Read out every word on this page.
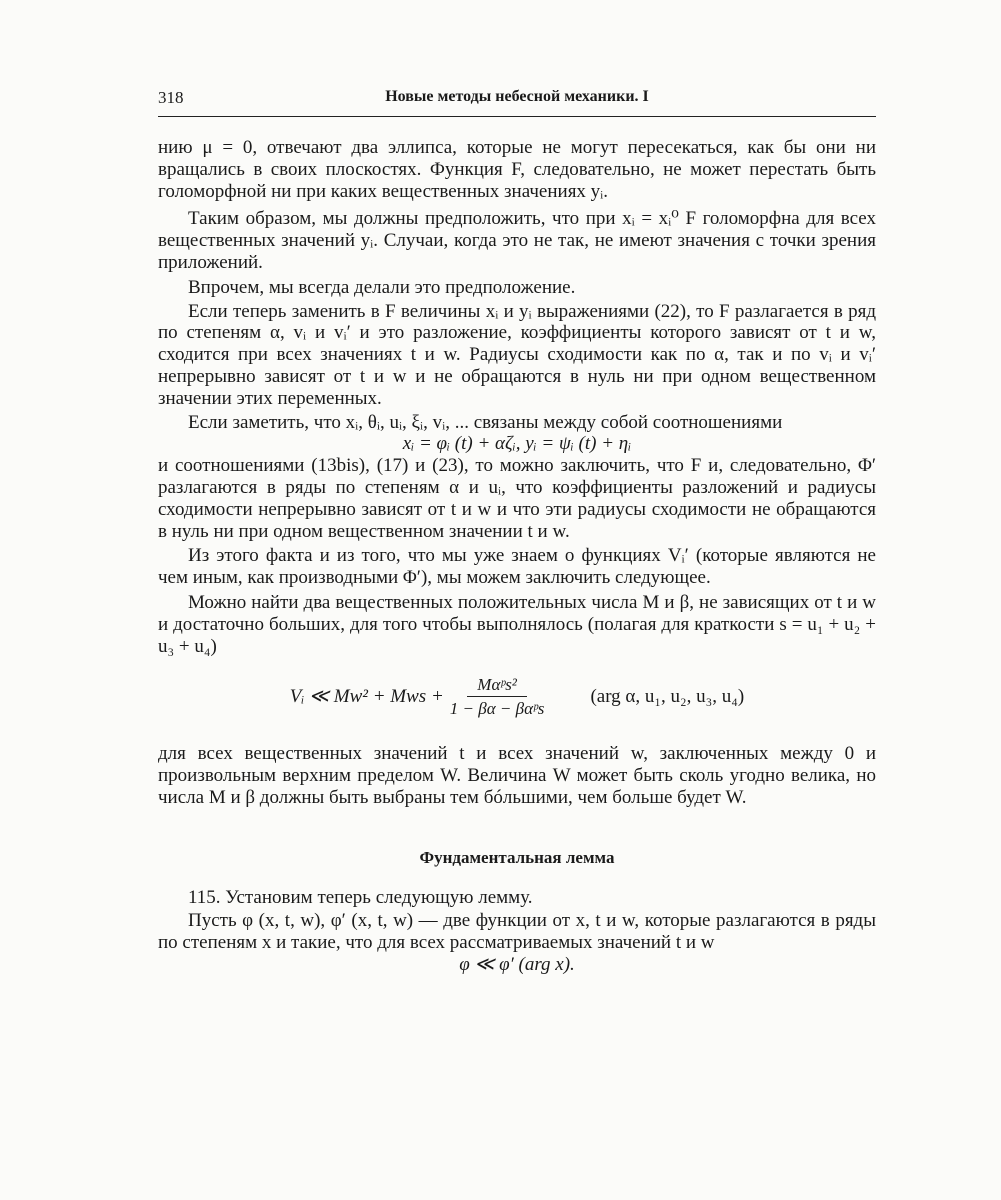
318	Новые методы небесной механики. I

нию μ = 0, отвечают два эллипса, которые не могут пересекаться, как бы они ни вращались в своих плоскостях. Функция F, следовательно, не может перестать быть голоморфной ни при каких вещественных значениях yᵢ.

Таким образом, мы должны предположить, что при xᵢ = xᵢ⁰ F голоморфна для всех вещественных значений yᵢ. Случаи, когда это не так, не имеют значения с точки зрения приложений.

Впрочем, мы всегда делали это предположение.

Если теперь заменить в F величины xᵢ и yᵢ выражениями (22), то F разлагается в ряд по степеням α, vᵢ и vᵢ′ и это разложение, коэффициенты которого зависят от t и w, сходится при всех значениях t и w. Радиусы сходимости как по α, так и по vᵢ и vᵢ′ непрерывно зависят от t и w и не обращаются в нуль ни при одном вещественном значении этих переменных.

Если заметить, что xᵢ, θᵢ, uᵢ, ξᵢ, vᵢ, ... связаны между собой соотношениями

xᵢ = φᵢ (t) + αζᵢ, yᵢ = ψᵢ (t) + ηᵢ

и соотношениями (13bis), (17) и (23), то можно заключить, что F и, следовательно, Φ′ разлагаются в ряды по степеням α и uᵢ, что коэффициенты разложений и радиусы сходимости непрерывно зависят от t и w и что эти радиусы сходимости не обращаются в нуль ни при одном вещественном значении t и w.

Из этого факта и из того, что мы уже знаем о функциях Vᵢ′ (которые являются не чем иным, как производными Φ′), мы можем заключить следующее.

Можно найти два вещественных положительных числа M и β, не зависящих от t и w и достаточно больших, для того чтобы выполнялось (полагая для краткости s = u₁ + u₂ + u₃ + u₄)

Vᵢ ≪ Mw² + Mws + $\frac{\text{Mαᵖs²}}{\text{1 − βα − βαᵖs}} (arg$ α, u₁, u₂, u₃, u₄)

для всех вещественных значений t и всех значений w, заключенных между 0 и произвольным верхним пределом W. Величина W может быть сколь угодно велика, но числа M и β должны быть выбраны тем бóльшими, чем больше будет W.

Фундаментальная лемма

115. Установим теперь следующую лемму.

Пусть φ (x, t, w), φ′ (x, t, w) — две функции от x, t и w, которые разлагаются в ряды по степеням x и такие, что для всех рассматриваемых значений t и w

φ ≪ φ′ (arg x).
